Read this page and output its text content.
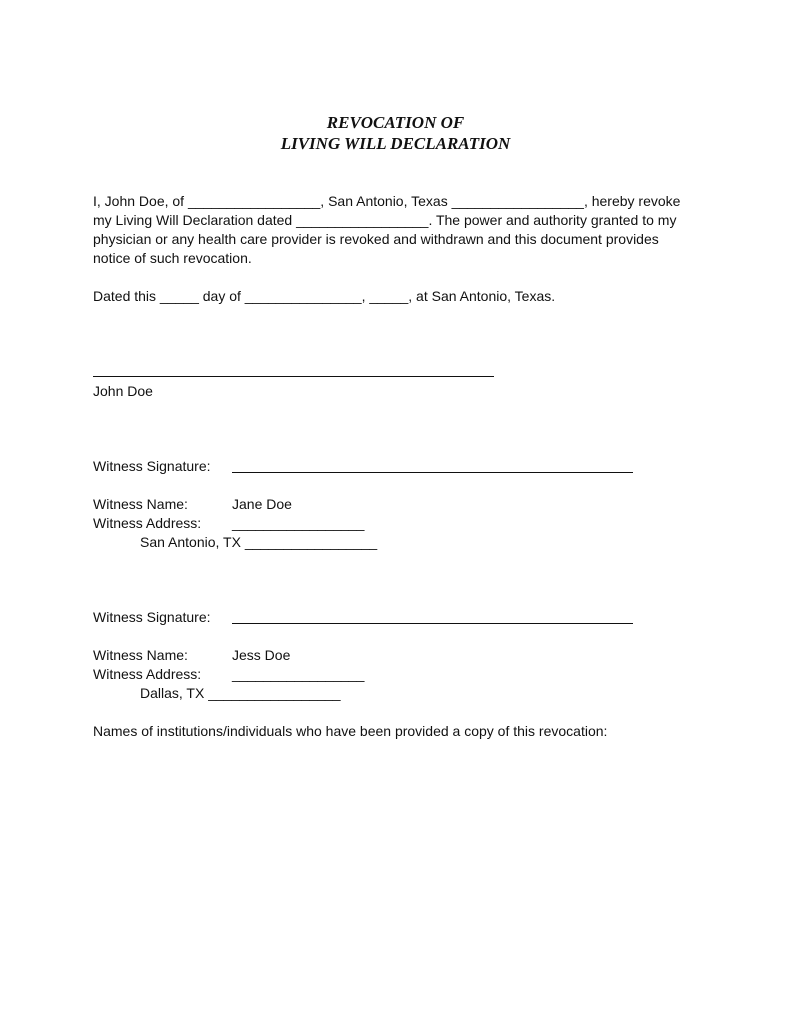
REVOCATION OF
LIVING WILL DECLARATION
I, John Doe, of _________________, San Antonio, Texas _________________, hereby revoke
my Living Will Declaration dated _________________. The power and authority granted to my
physician or any health care provider is revoked and withdrawn and this document provides
notice of such revocation.
Dated this _____ day of _______________, _____, at San Antonio, Texas.
John Doe
Witness Signature:
Witness Name:	Jane Doe
Witness Address: _________________
San Antonio, TX _________________
Witness Signature:
Witness Name:	Jess Doe
Witness Address: _________________
Dallas, TX _________________
Names of institutions/individuals who have been provided a copy of this revocation:
